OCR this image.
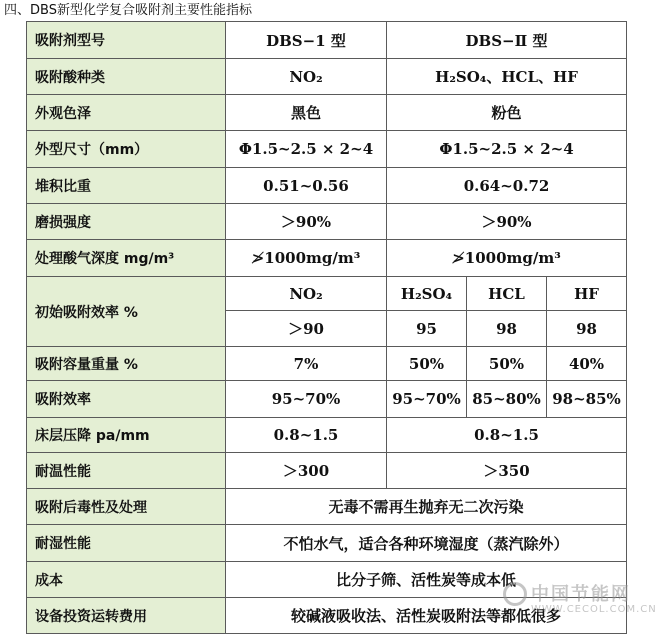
四、DBS新型化学复合吸附剂主要性能指标
吸附剂型号	DBS−1 型	DBS−Ⅱ 型		
吸附酸种类	NO₂	H₂SO₄、HCL、HF		
外观色泽	黑色	粉色		
外型尺寸（mm）	Φ1.5~2.5 × 2~4	Φ1.5~2.5 × 2~4		
堆积比重	0.51~0.56	0.64~0.72		
磨损强度	＞90%	＞90%		
处理酸气深度 mg/m³	≯1000mg/m³	≯1000mg/m³		
初始吸附效率 %	NO₂	H₂SO₄	HCL	HF
	＞90	95	98	98
吸附容量重量 %	7%	50%	50%	40%
吸附效率	95~70%	95~70%	85~80%	98~85%
床层压降 pa/mm	0.8~1.5	0.8~1.5		
耐温性能	＞300	＞350		
吸附后毒性及处理	无毒不需再生抛弃无二次污染			
耐湿性能	不怕水气，适合各种环境湿度（蒸汽除外）			
成本	比分子筛、活性炭等成本低			
设备投资运转费用	较碱液吸收法、活性炭吸附法等都低很多			
中国节能网
WWW.CECOL.COM.CN
